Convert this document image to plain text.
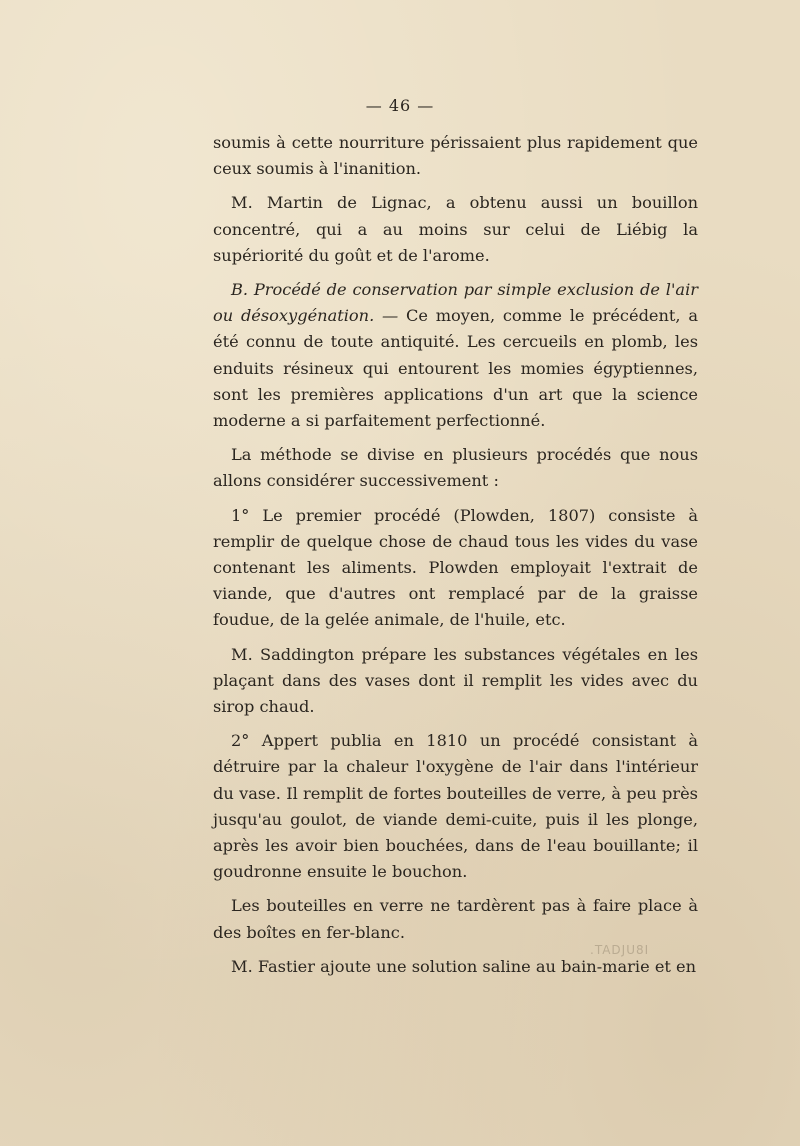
— 46 —

soumis à cette nourriture périssaient plus rapidement que ceux soumis à l'inanition.

M. Martin de Lignac, a obtenu aussi un bouillon concentré, qui a au moins sur celui de Liébig la supériorité du goût et de l'arome.

B. Procédé de conservation par simple exclusion de l'air ou désoxygénation. — Ce moyen, comme le précédent, a été connu de toute antiquité. Les cercueils en plomb, les enduits résineux qui entourent les momies égyptiennes, sont les premières applications d'un art que la science moderne a si parfaitement perfectionné.

La méthode se divise en plusieurs procédés que nous allons considérer successivement :

1° Le premier procédé (Plowden, 1807) consiste à remplir de quelque chose de chaud tous les vides du vase contenant les aliments. Plowden employait l'extrait de viande, que d'autres ont remplacé par de la graisse foudue, de la gelée animale, de l'huile, etc.

M. Saddington prépare les substances végétales en les plaçant dans des vases dont il remplit les vides avec du sirop chaud.

2° Appert publia en 1810 un procédé consistant à détruire par la chaleur l'oxygène de l'air dans l'intérieur du vase. Il remplit de fortes bouteilles de verre, à peu près jusqu'au goulot, de viande demi-cuite, puis il les plonge, après les avoir bien bouchées, dans de l'eau bouillante; il goudronne ensuite le bouchon.

Les bouteilles en verre ne tardèrent pas à faire place à des boîtes en fer-blanc.

M. Fastier ajoute une solution saline au bain-marie et en

.TADJU8I
